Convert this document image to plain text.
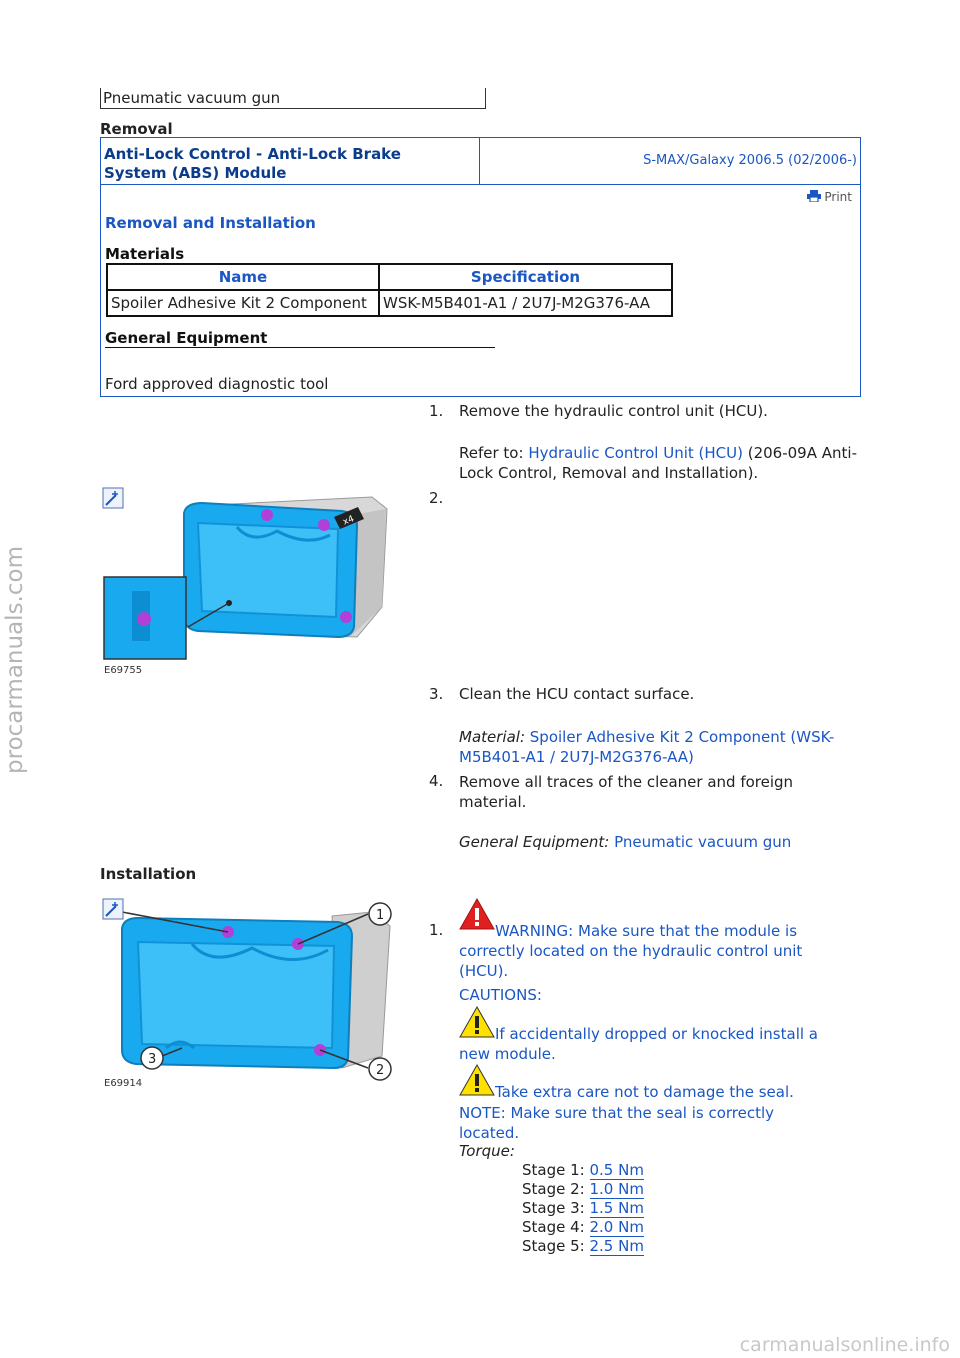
procarmanuals.com
carmanualsonline.info
Pneumatic vacuum gun
Removal
Anti-Lock Control - Anti-Lock Brake System (ABS) Module
S-MAX/Galaxy 2006.5 (02/2006-)
Print
Removal and Installation
Materials
Name	Specification
Spoiler Adhesive Kit 2 Component	WSK-M5B401-A1 / 2U7J-M2G376-AA
General Equipment
Ford approved diagnostic tool
1. Remove the hydraulic control unit (HCU).
Refer to: Hydraulic Control Unit (HCU) (206-09A Anti-Lock Control, Removal and Installation).
2.
x4
E69755
3. Clean the HCU contact surface.
Material: Spoiler Adhesive Kit 2 Component (WSK-M5B401-A1 / 2U7J-M2G376-AA)
4. Remove all traces of the cleaner and foreign material.
General Equipment: Pneumatic vacuum gun
Installation
1
2
3
E69914
1.	WARNING: Make sure that the module is correctly located on the hydraulic control unit (HCU).
CAUTIONS:
If accidentally dropped or knocked install a new module.
Take extra care not to damage the seal.
NOTE: Make sure that the seal is correctly located.
Torque:
Stage 1: 0.5 Nm
Stage 2: 1.0 Nm
Stage 3: 1.5 Nm
Stage 4: 2.0 Nm
Stage 5: 2.5 Nm
